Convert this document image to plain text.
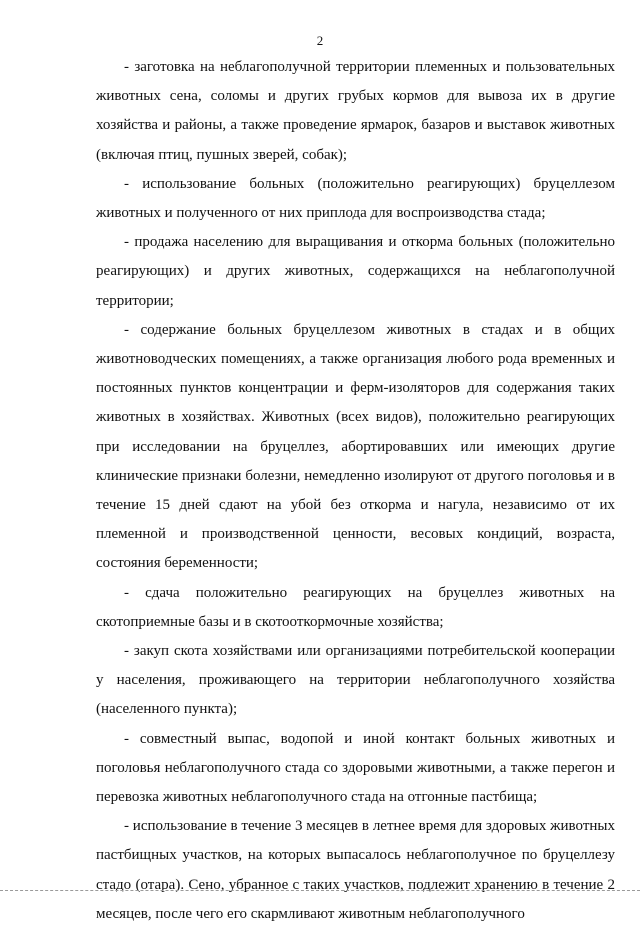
2

- заготовка на неблагополучной территории племенных и пользовательных животных сена, соломы и других грубых кормов для вывоза их в другие хозяйства и районы, а также проведение ярмарок, базаров и выставок животных (включая птиц, пушных зверей, собак);

- использование больных (положительно реагирующих) бруцеллезом животных и полученного от них приплода для воспроизводства стада;

- продажа населению для выращивания и откорма больных (положительно реагирующих) и других животных, содержащихся на неблагополучной территории;

- содержание больных бруцеллезом животных в стадах и в общих животноводческих помещениях, а также организация любого рода временных и постоянных пунктов концентрации и ферм-изоляторов для содержания таких животных в хозяйствах. Животных (всех видов), положительно реагирующих при исследовании на бруцеллез, абортировавших или имеющих другие клинические признаки болезни, немедленно изолируют от другого поголовья и в течение 15 дней сдают на убой без откорма и нагула, независимо от их племенной и производственной ценности, весовых кондиций, возраста, состояния беременности;

- сдача положительно реагирующих на бруцеллез животных на скотоприемные базы и в скотооткормочные хозяйства;

- закуп скота хозяйствами или организациями потребительской кооперации у населения, проживающего на территории неблагополучного хозяйства (населенного пункта);

- совместный выпас, водопой и иной контакт больных животных и поголовья неблагополучного стада со здоровыми животными, а также перегон и перевозка животных неблагополучного стада на отгонные пастбища;

- использование в течение 3 месяцев в летнее время для здоровых животных пастбищных участков, на которых выпасалось неблагополучное по бруцеллезу стадо (отара). Сено, убранное с таких участков, подлежит хранению в течение 2 месяцев, после чего его скармливают животным неблагополучного
